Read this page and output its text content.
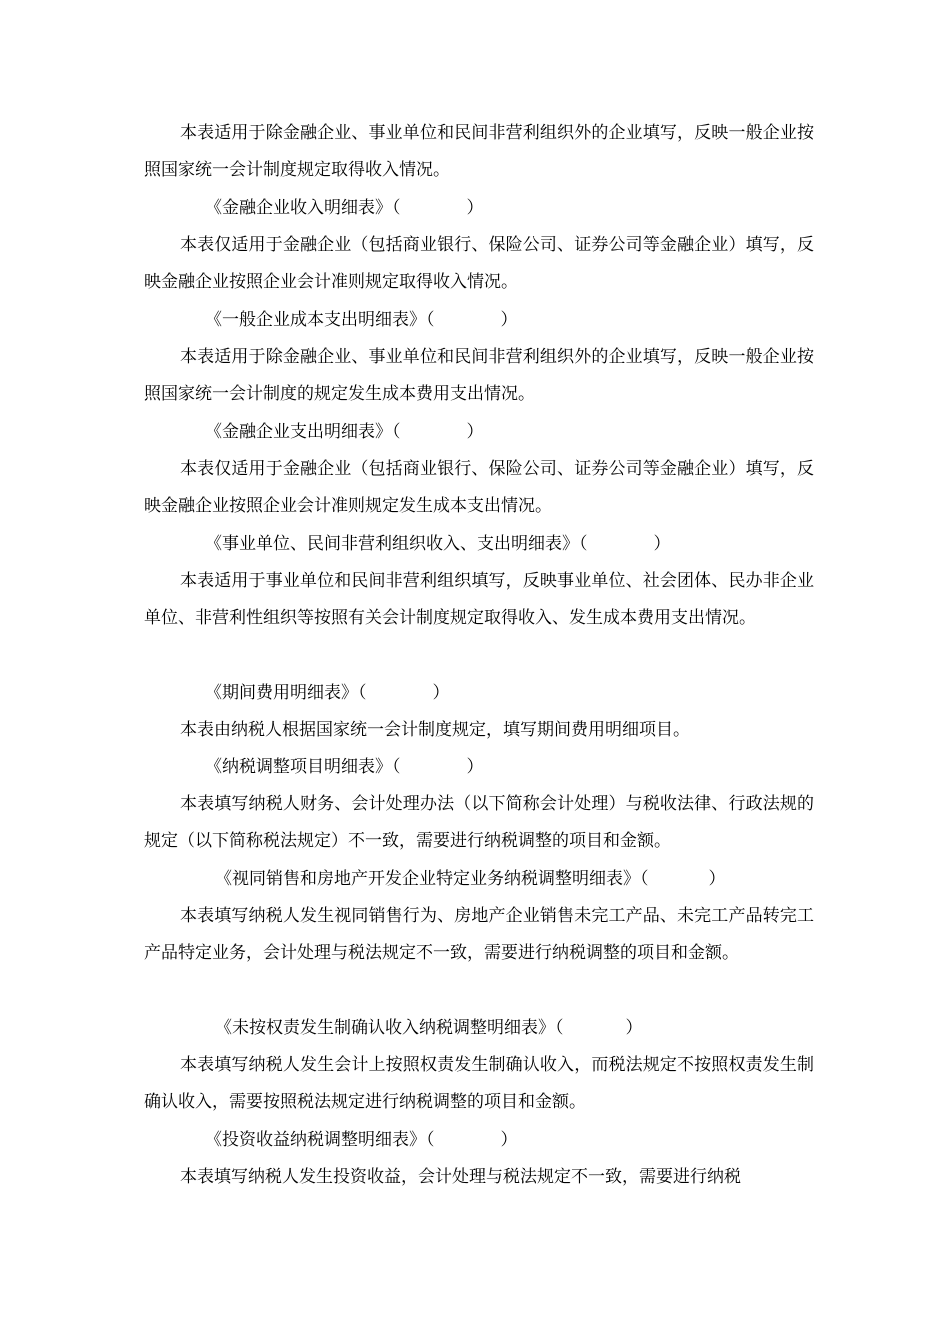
本表适用于除金融企业、事业单位和民间非营利组织外的企业填写，反映一般企业按照国家统一会计制度规定取得收入情况。

《金融企业收入明细表》（	）

本表仅适用于金融企业（包括商业银行、保险公司、证券公司等金融企业）填写，反映金融企业按照企业会计准则规定取得收入情况。

《一般企业成本支出明细表》（	）

本表适用于除金融企业、事业单位和民间非营利组织外的企业填写，反映一般企业按照国家统一会计制度的规定发生成本费用支出情况。

《金融企业支出明细表》（	）

本表仅适用于金融企业（包括商业银行、保险公司、证券公司等金融企业）填写，反映金融企业按照企业会计准则规定发生成本支出情况。

《事业单位、民间非营利组织收入、支出明细表》（	）

本表适用于事业单位和民间非营利组织填写，反映事业单位、社会团体、民办非企业单位、非营利性组织等按照有关会计制度规定取得收入、发生成本费用支出情况。

《期间费用明细表》（	）

本表由纳税人根据国家统一会计制度规定，填写期间费用明细项目。

《纳税调整项目明细表》（	）

本表填写纳税人财务、会计处理办法（以下简称会计处理）与税收法律、行政法规的规定（以下简称税法规定）不一致，需要进行纳税调整的项目和金额。

《视同销售和房地产开发企业特定业务纳税调整明细表》（	）

本表填写纳税人发生视同销售行为、房地产企业销售未完工产品、未完工产品转完工产品特定业务，会计处理与税法规定不一致，需要进行纳税调整的项目和金额。

《未按权责发生制确认收入纳税调整明细表》（	）

本表填写纳税人发生会计上按照权责发生制确认收入，而税法规定不按照权责发生制确认收入，需要按照税法规定进行纳税调整的项目和金额。

《投资收益纳税调整明细表》（	）

本表填写纳税人发生投资收益，会计处理与税法规定不一致，需要进行纳税
